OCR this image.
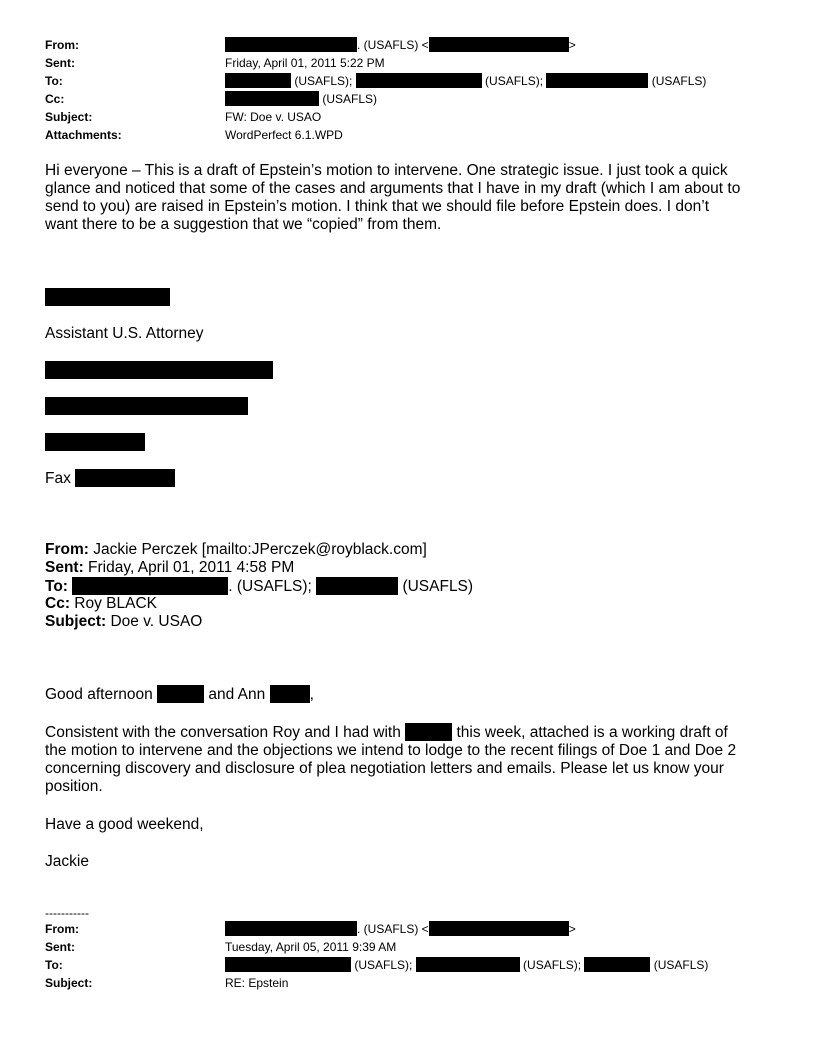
From:	. (USAFLS) <	>
Sent:	Friday, April 01, 2011 5:22 PM
To:	(USAFLS);	(USAFLS);	(USAFLS)
Cc:	(USAFLS)
Subject:	FW: Doe v. USAO
Attachments:	WordPerfect 6.1.WPD
Hi everyone – This is a draft of Epstein’s motion to intervene. One strategic issue. I just took a quick
glance and noticed that some of the cases and arguments that I have in my draft (which I am about to
send to you) are raised in Epstein’s motion. I think that we should file before Epstein does. I don’t
want there to be a suggestion that we “copied” from them.
Assistant U.S. Attorney
Fax
From: Jackie Perczek [mailto:JPerczek@royblack.com]
Sent: Friday, April 01, 2011 4:58 PM
To:	. (USAFLS);	(USAFLS)
Cc: Roy BLACK
Subject: Doe v. USAO
Good afternoon	and Ann	,
Consistent with the conversation Roy and I had with	this week, attached is a working draft of
the motion to intervene and the objections we intend to lodge to the recent filings of Doe 1 and Doe 2
concerning discovery and disclosure of plea negotiation letters and emails. Please let us know your
position.
Have a good weekend,
Jackie
-----------
From:	. (USAFLS) <	>
Sent:	Tuesday, April 05, 2011 9:39 AM
To:	(USAFLS);	(USAFLS);	(USAFLS)
Subject:	RE: Epstein
